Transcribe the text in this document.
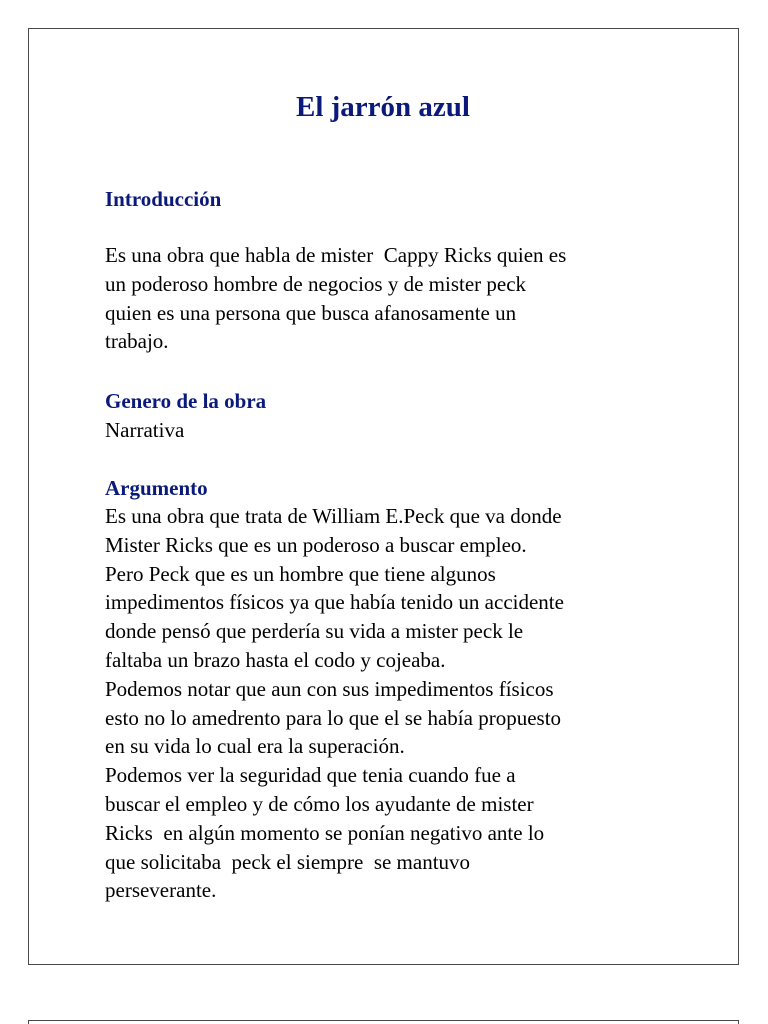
El jarrón azul
Introducción

Es una obra que habla de mister  Cappy Ricks quien es
un poderoso hombre de negocios y de mister peck
quien es una persona que busca afanosamente un
trabajo.

Genero de la obra

Narrativa

Argumento

Es una obra que trata de William E.Peck que va donde
Mister Ricks que es un poderoso a buscar empleo.
Pero Peck que es un hombre que tiene algunos
impedimentos físicos ya que había tenido un accidente
donde pensó que perdería su vida a mister peck le
faltaba un brazo hasta el codo y cojeaba.
Podemos notar que aun con sus impedimentos físicos
esto no lo amedrento para lo que el se había propuesto
en su vida lo cual era la superación.
Podemos ver la seguridad que tenia cuando fue a
buscar el empleo y de cómo los ayudante de mister
Ricks  en algún momento se ponían negativo ante lo
que solicitaba  peck el siempre  se mantuvo
perseverante.
